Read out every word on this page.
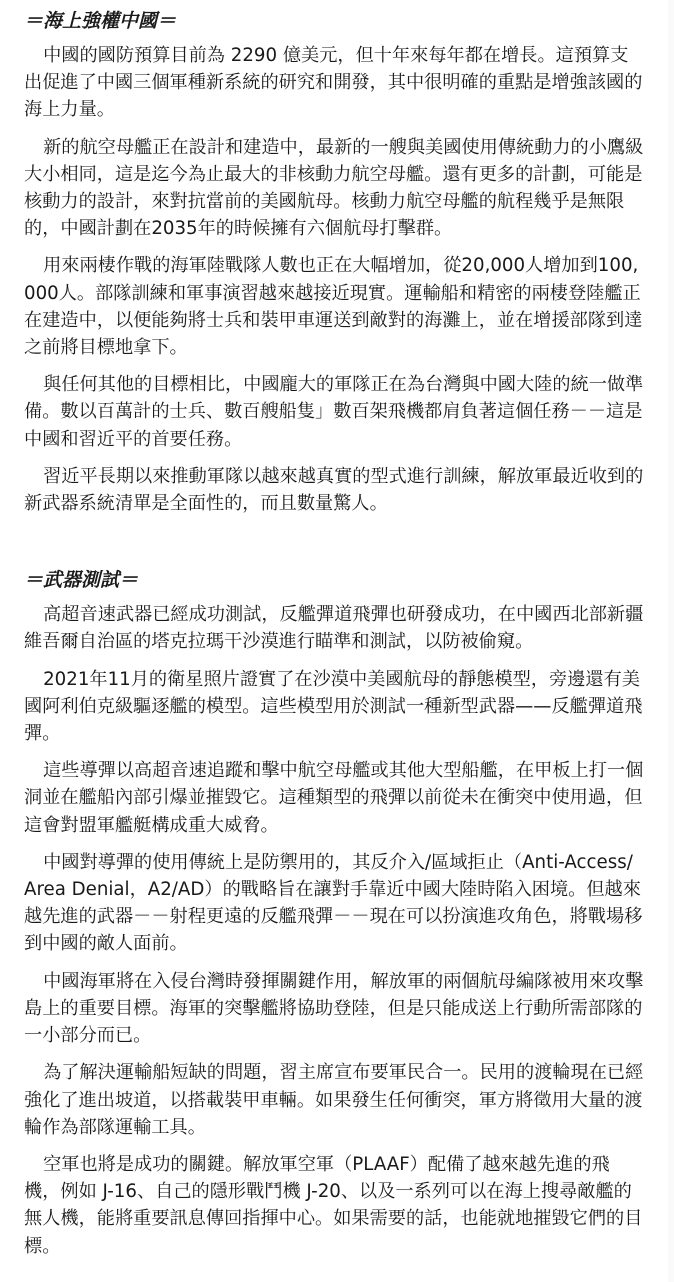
＝海上強權中國＝

中國的國防預算目前為 2290 億美元，但十年來每年都在增長。這預算支出促進了中國三個軍種新系統的研究和開發，其中很明確的重點是增強該國的海上力量。

新的航空母艦正在設計和建造中，最新的一艘與美國使用傳統動力的小鷹級大小相同，這是迄今為止最大的非核動力航空母艦。還有更多的計劃，可能是核動力的設計，來對抗當前的美國航母。核動力航空母艦的航程幾乎是無限的，中國計劃在2035年的時候擁有六個航母打擊群。

用來兩棲作戰的海軍陸戰隊人數也正在大幅增加，從20,000人增加到100,000人。部隊訓練和軍事演習越來越接近現實。運輸船和精密的兩棲登陸艦正在建造中，以便能夠將士兵和裝甲車運送到敵對的海灘上，並在增援部隊到達之前將目標地拿下。

與任何其他的目標相比，中國龐大的軍隊正在為台灣與中國大陸的統一做準備。數以百萬計的士兵、數百艘船隻」數百架飛機都肩負著這個任務－－這是中國和習近平的首要任務。

習近平長期以來推動軍隊以越來越真實的型式進行訓練，解放軍最近收到的新武器系統清單是全面性的，而且數量驚人。

＝武器測試＝

高超音速武器已經成功測試，反艦彈道飛彈也研發成功，在中國西北部新疆維吾爾自治區的塔克拉瑪干沙漠進行瞄準和測試，以防被偷窺。

2021年11月的衛星照片證實了在沙漠中美國航母的靜態模型，旁邊還有美國阿利伯克級驅逐艦的模型。這些模型用於測試一種新型武器——反艦彈道飛彈。

這些導彈以高超音速追蹤和擊中航空母艦或其他大型船艦，在甲板上打一個洞並在艦船內部引爆並摧毀它。這種類型的飛彈以前從未在衝突中使用過，但這會對盟軍艦艇構成重大威脅。

中國對導彈的使用傳統上是防禦用的，其反介入/區域拒止（Anti-Access/Area Denial，A2/AD）的戰略旨在讓對手靠近中國大陸時陷入困境。但越來越先進的武器－－射程更遠的反艦飛彈－－現在可以扮演進攻角色，將戰場移到中國的敵人面前。

中國海軍將在入侵台灣時發揮關鍵作用，解放軍的兩個航母編隊被用來攻擊島上的重要目標。海軍的突擊艦將協助登陸，但是只能成送上行動所需部隊的一小部分而已。

為了解決運輸船短缺的問題，習主席宣布要軍民合一。民用的渡輪現在已經強化了進出坡道，以搭載裝甲車輛。如果發生任何衝突，軍方將徵用大量的渡輪作為部隊運輸工具。

空軍也將是成功的關鍵。解放軍空軍（PLAAF）配備了越來越先進的飛機，例如 J-16、自己的隱形戰鬥機 J-20、以及一系列可以在海上搜尋敵艦的無人機，能將重要訊息傳回指揮中心。如果需要的話，也能就地摧毀它們的目標。
